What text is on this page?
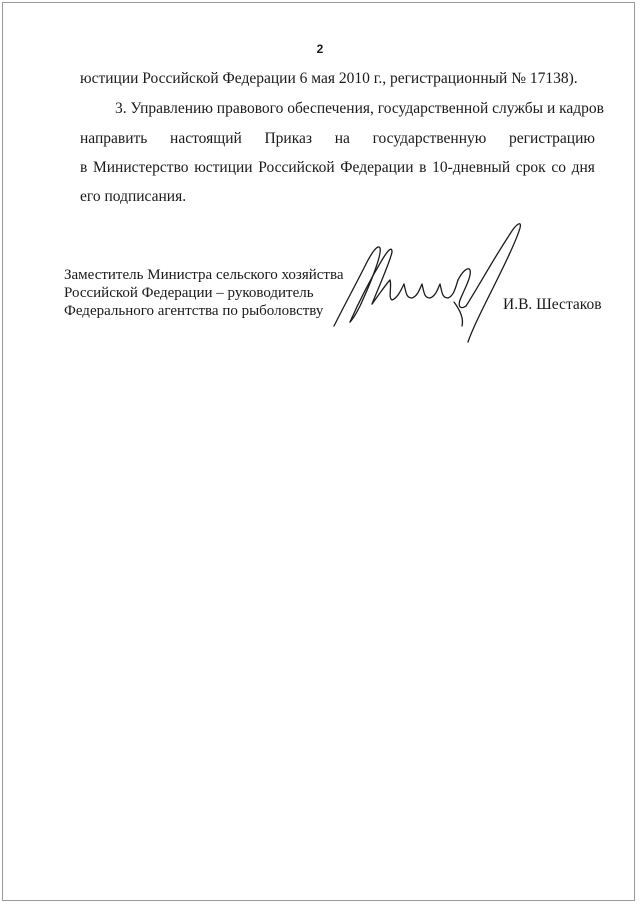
2
юстиции Российской Федерации 6 мая 2010 г., регистрационный № 17138).
3. Управлению правового обеспечения, государственной службы и кадров
направить настоящий Приказ на государственную регистрацию
в Министерство юстиции Российской Федерации в 10-дневный срок со дня
его подписания.
Заместитель Министра сельского хозяйства
Российской Федерации – руководитель
Федерального агентства по рыболовству	И.В. Шестаков
